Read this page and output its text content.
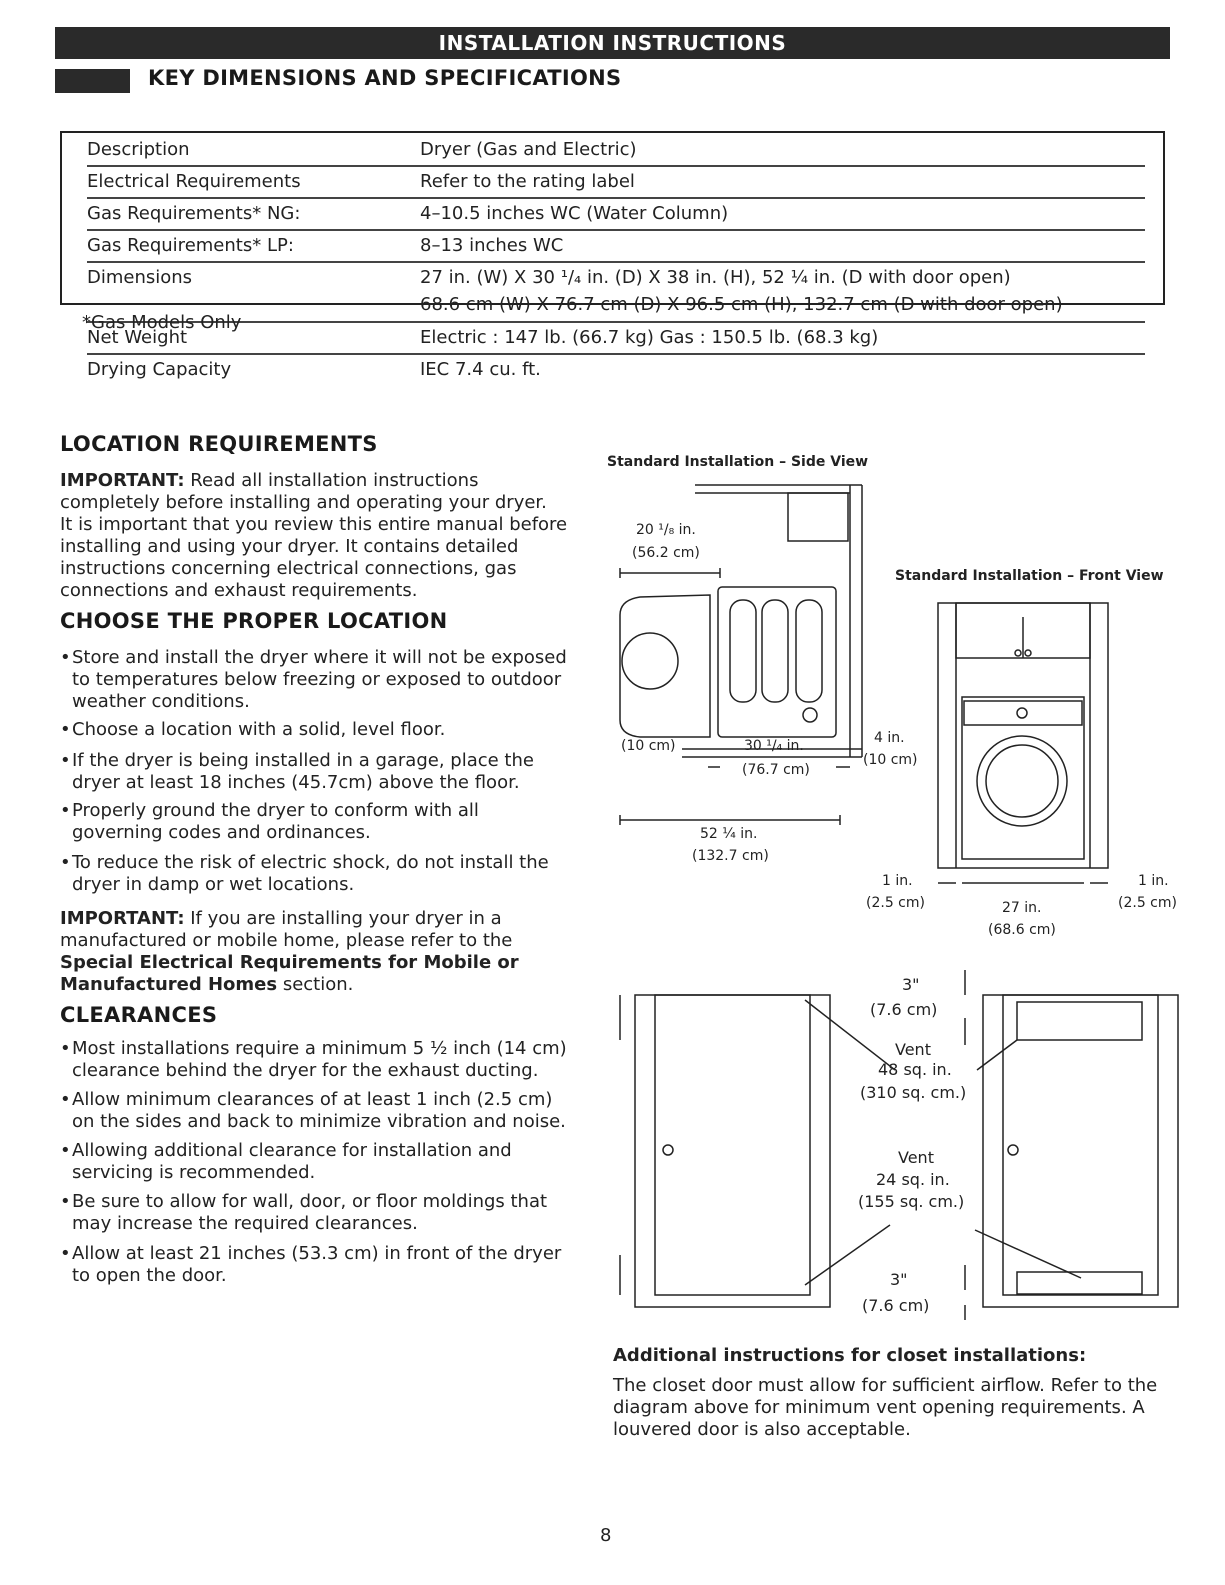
INSTALLATION INSTRUCTIONS
KEY DIMENSIONS AND SPECIFICATIONS
Description	Dryer (Gas and Electric)
Electrical Requirements	Refer to the rating label
Gas Requirements* NG:	4–10.5 inches WC (Water Column)
Gas Requirements* LP:	8–13 inches WC
Dimensions	27 in. (W) X 30 ¹/₄ in. (D) X 38 in. (H), 52 ¼ in. (D with door open)
68.6 cm (W) X 76.7 cm (D) X 96.5 cm (H), 132.7 cm (D with door open)
Net Weight	Electric : 147 lb. (66.7 kg) Gas : 150.5 lb. (68.3 kg)
Drying Capacity	IEC 7.4 cu. ft.
*Gas Models Only
LOCATION REQUIREMENTS
IMPORTANT: Read all installation instructions
completely before installing and operating your dryer.
It is important that you review this entire manual before
installing and using your dryer. It contains detailed
instructions concerning electrical connections, gas
connections and exhaust requirements.
CHOOSE THE PROPER LOCATION
• Store and install the dryer where it will not be exposed
to temperatures below freezing or exposed to outdoor
weather conditions.
• Choose a location with a solid, level floor.
• If the dryer is being installed in a garage, place the
dryer at least 18 inches (45.7cm) above the floor.
• Properly ground the dryer to conform with all
governing codes and ordinances.
• To reduce the risk of electric shock, do not install the
dryer in damp or wet locations.
IMPORTANT: If you are installing your dryer in a
manufactured or mobile home, please refer to the
Special Electrical Requirements for Mobile or
Manufactured Homes section.
CLEARANCES
• Most installations require a minimum 5 ½ inch (14 cm)
clearance behind the dryer for the exhaust ducting.
• Allow minimum clearances of at least 1 inch (2.5 cm)
on the sides and back to minimize vibration and noise.
• Allowing additional clearance for installation and
servicing is recommended.
• Be sure to allow for wall, door, or floor moldings that
may increase the required clearances.
• Allow at least 21 inches (53.3 cm) in front of the dryer
to open the door.
Standard Installation – Side View
20 ¹/₈ in.
(56.2 cm)
(10 cm)	30 ¹/₄ in.
(76.7 cm)
4 in.
(10 cm)
52 ¼ in.
(132.7 cm)
Standard Installation – Front View
1 in.
(2.5 cm)	27 in.
(68.6 cm)
1 in.
(2.5 cm)
3"
(7.6 cm)
Vent
48 sq. in.
(310 sq. cm.)
Vent
24 sq. in.
(155 sq. cm.)
3"
(7.6 cm)
Additional instructions for closet installations:
The closet door must allow for sufficient airflow. Refer to the
diagram above for minimum vent opening requirements. A
louvered door is also acceptable.
8
